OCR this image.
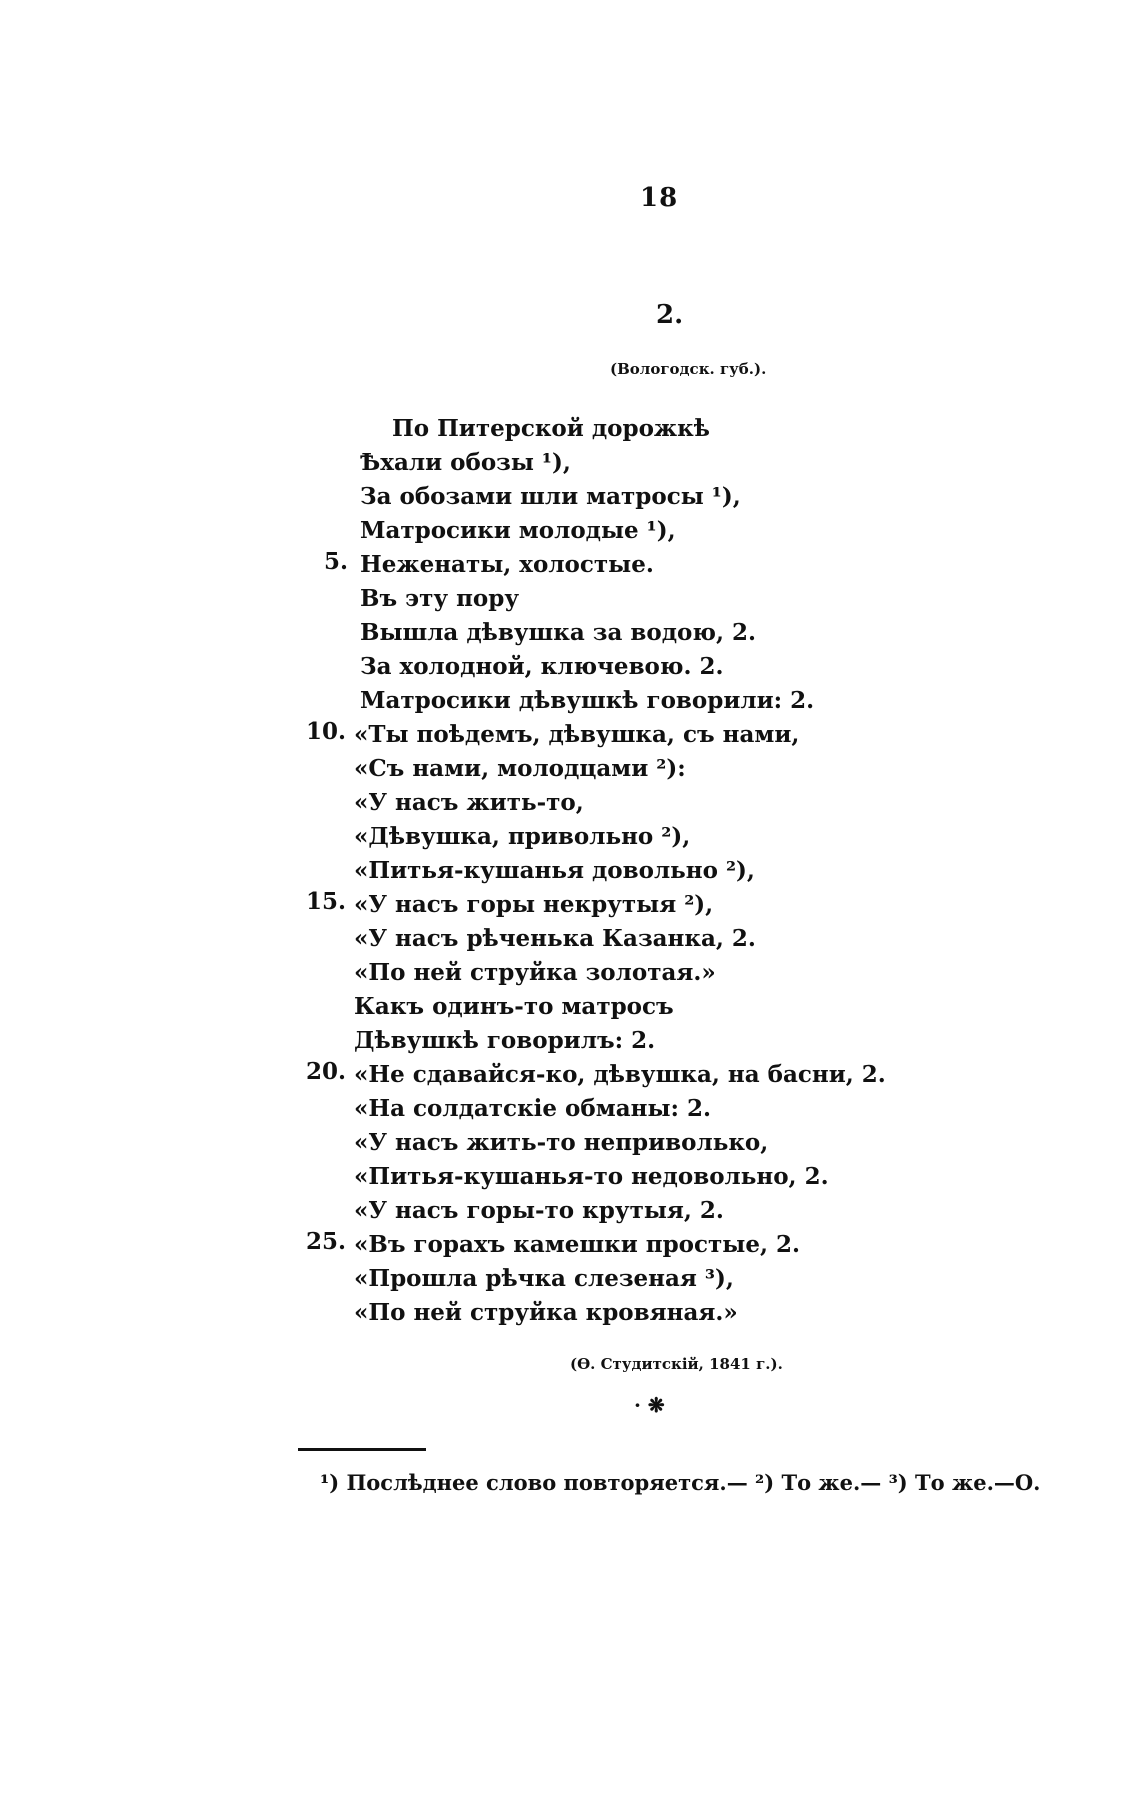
18
2.
(Вологодск. губ.).
По Питерской дорожкѣ
Ѣхали обозы ¹),
За обозами шли матросы ¹),
Матросики молодые ¹),
5. Неженаты, холостые.
Въ эту пору
Вышла дѣвушка за водою, 2.
За холодной, ключевою. 2.
Матросики дѣвушкѣ говорили: 2.
10. «Ты поѣдемъ, дѣвушка, съ нами,
«Съ нами, молодцами ²):
«У насъ жить-то,
«Дѣвушка, привольно ²),
«Питья-кушанья довольно ²),
15. «У насъ горы некрутыя ²),
«У насъ рѣченька Казанка, 2.
«По ней струйка золотая.»
Какъ одинъ-то матросъ
Дѣвушкѣ говорилъ: 2.
20. «Не сдавайся-ко, дѣвушка, на басни, 2.
«На солдатскіе обманы: 2.
«У насъ жить-то неприволько,
«Питья-кушанья-то недовольно, 2.
«У насъ горы-то крутыя, 2.
25. «Въ горахъ камешки простые, 2.
«Прошла рѣчка слезеная ³),
«По ней струйка кровяная.»
(Ѳ. Студитскій, 1841 г.).
· ❋
¹) Послѣднее слово повторяется.— ²) То же.— ³) То же.—О.
